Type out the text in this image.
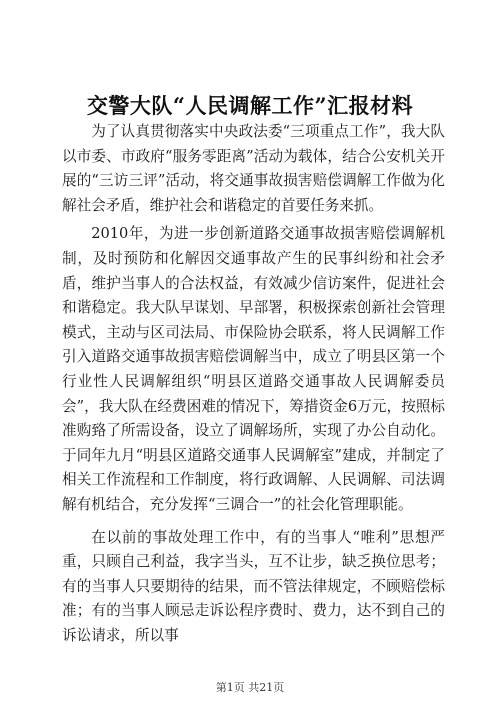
交警大队“人民调解工作”汇报材料

为了认真贯彻落实中央政法委“三项重点工作”，我大队以市委、市政府“服务零距离”活动为载体，结合公安机关开展的“三访三评”活动，将交通事故损害赔偿调解工作做为化解社会矛盾，维护社会和谐稳定的首要任务来抓。

2010年，为进一步创新道路交通事故损害赔偿调解机制，及时预防和化解因交通事故产生的民事纠纷和社会矛盾，维护当事人的合法权益，有效减少信访案件，促进社会和谐稳定。我大队早谋划、早部署，积极探索创新社会管理模式，主动与区司法局、市保险协会联系，将人民调解工作引入道路交通事故损害赔偿调解当中，成立了明县区第一个行业性人民调解组织“明县区道路交通事故人民调解委员会”，我大队在经费困难的情况下，筹措资金6万元，按照标准购臵了所需设备，设立了调解场所，实现了办公自动化。于同年九月“明县区道路交通事人民调解室”建成，并制定了相关工作流程和工作制度，将行政调解、人民调解、司法调解有机结合，充分发挥“三调合一”的社会化管理职能。

在以前的事故处理工作中，有的当事人“唯利”思想严重，只顾自己利益，我字当头，互不让步，缺乏换位思考；有的当事人只要期待的结果，而不管法律规定，不顾赔偿标准；有的当事人顾忌走诉讼程序费时、费力，达不到自己的诉讼请求，所以事

第1页 共21页
